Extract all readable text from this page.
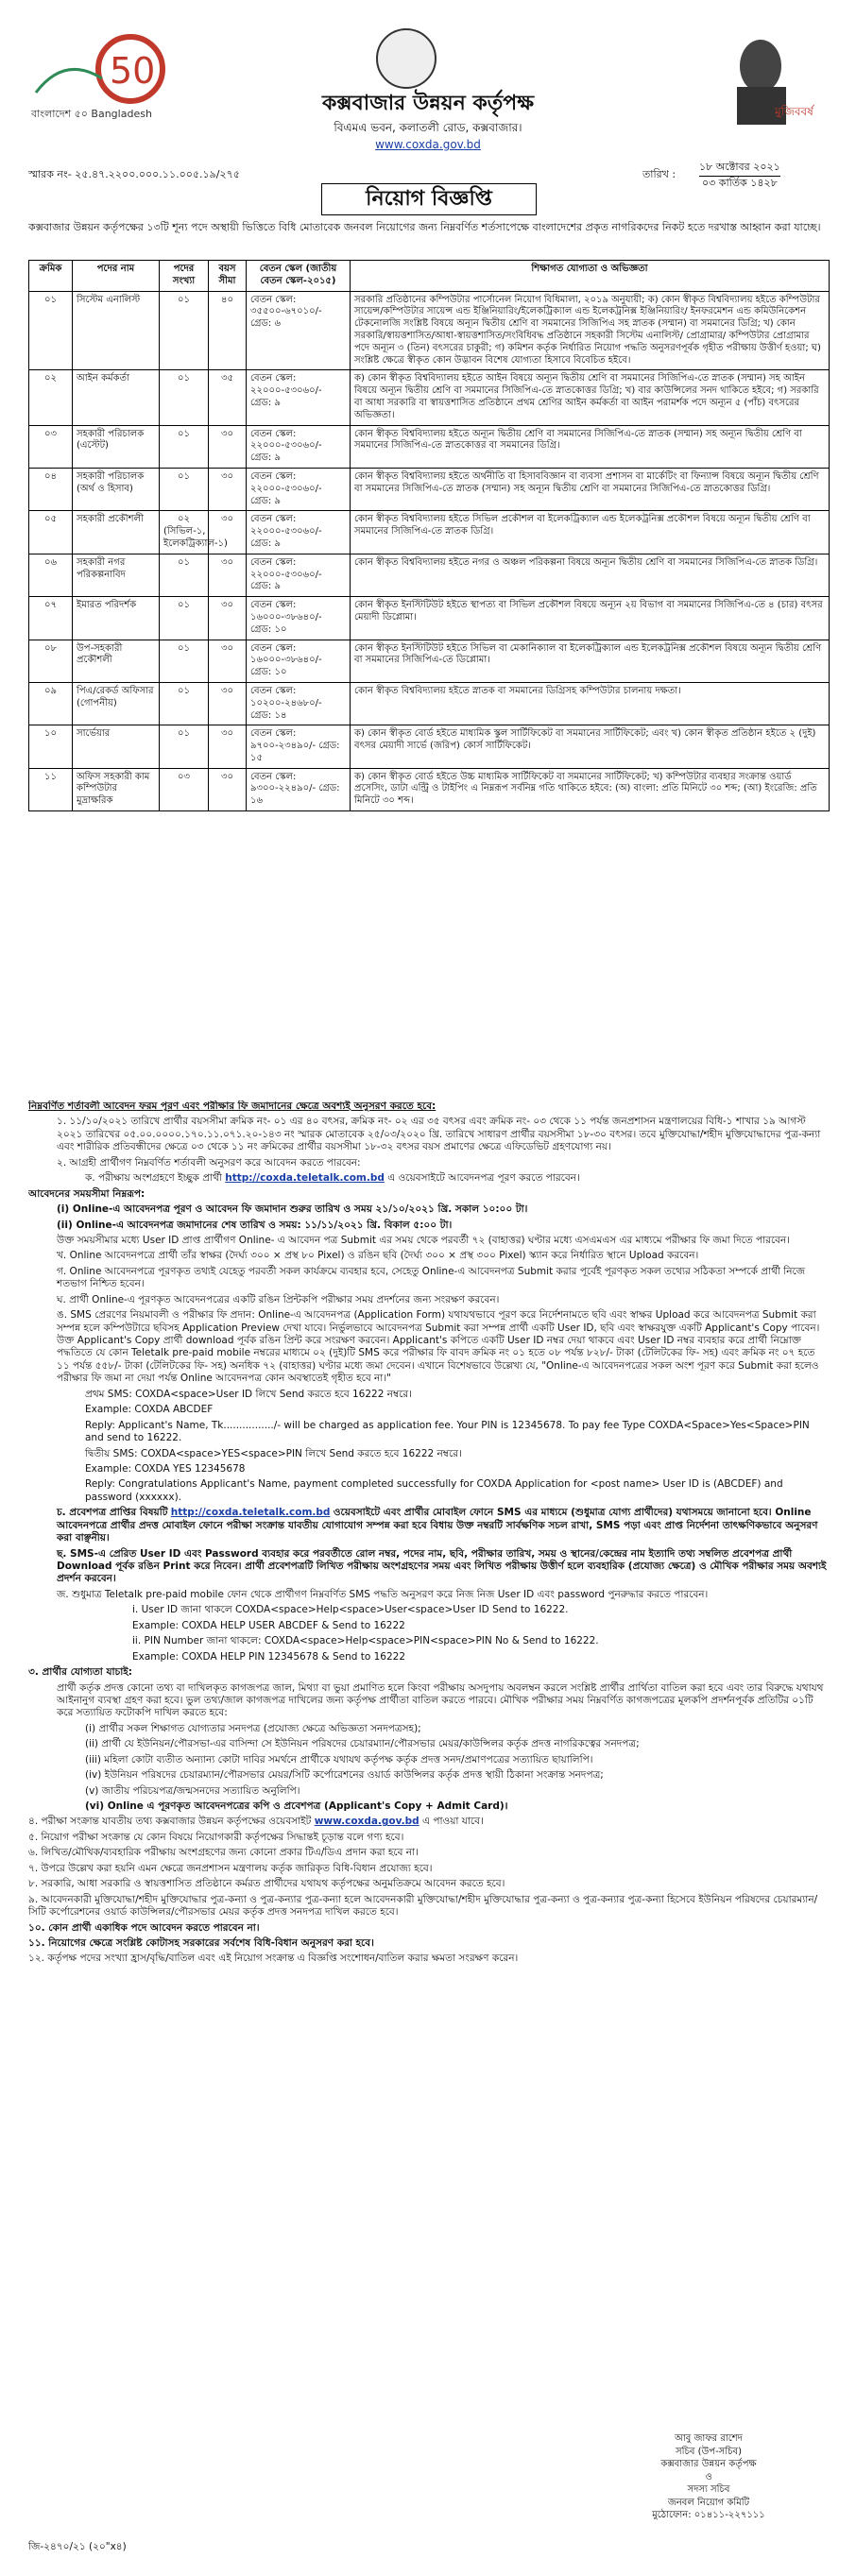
50
বাংলাদেশ ৫০ Bangladesh	মুজিববর্ষ
কক্সবাজার উন্নয়ন কর্তৃপক্ষ
বিএমএ ভবন, কলাতলী রোড, কক্সবাজার।
www.coxda.gov.bd
স্মারক নং- ২৫.৪৭.২২০০.০০০.১১.০০৫.১৯/২৭৫	তারিখ :
১৮ অক্টোবর ২০২১
০৩ কার্তিক ১৪২৮
নিয়োগ বিজ্ঞপ্তি
কক্সবাজার উন্নয়ন কর্তৃপক্ষের ১৩টি শূন্য পদে অস্থায়ী ভিত্তিতে বিধি মোতাবেক জনবল নিয়োগের জন্য নিম্নবর্ণিত শর্তসাপেক্ষে বাংলাদেশের প্রকৃত নাগরিকদের নিকট হতে দরখাস্ত আহ্বান করা যাচ্ছে।
ক্রমিক	পদের নাম	পদের সংখ্যা	বয়স সীমা	বেতন স্কেল (জাতীয় বেতন স্কেল-২০১৫)	শিক্ষাগত যোগ্যতা ও অভিজ্ঞতা
০১	সিস্টেম এনালিস্ট	০১	৪০	বেতন স্কেল: ৩৫৫০০-৬৭০১০/- গ্রেড: ৬	সরকারি প্রতিষ্ঠানের কম্পিউটার পার্সোনেল নিয়োগ বিধিমালা, ২০১৯ অনুযায়ী; ক) কোন স্বীকৃত বিশ্ববিদ্যালয় হইতে কম্পিউটার সায়েন্স/কম্পিউটার সায়েন্স এন্ড ইঞ্জিনিয়ারিং/ইলেকট্রিক্যাল এন্ড ইলেকট্রনিক্স ইঞ্জিনিয়ারিং/ ইনফরমেশন এন্ড কমিউনিকেশন টেকনোলজি সংশ্লিষ্ট বিষয়ে অন্যূন দ্বিতীয় শ্রেণি বা সমমানের সিজিপিএ সহ স্নাতক (সম্মান) বা সমমানের ডিগ্রি; খ) কোন সরকারি/স্বায়ত্তশাসিত/আধা-স্বায়ত্তশাসিত/সংবিধিবদ্ধ প্রতিষ্ঠানে সহকারী সিস্টেম এনালিস্ট/ প্রোগ্রামার/ কম্পিউটার প্রোগ্রামার পদে অন্যূন ৩ (তিন) বৎসরের চাকুরী; গ) কমিশন কর্তৃক নির্ধারিত নিয়োগ পদ্ধতি অনুসরণপূর্বক গৃহীত পরীক্ষায় উত্তীর্ণ হওয়া; ঘ) সংশ্লিষ্ট ক্ষেত্রে স্বীকৃত কোন উদ্ভাবন বিশেষ যোগ্যতা হিসাবে বিবেচিত হইবে।
০২	আইন কর্মকর্তা	০১	৩৫	বেতন স্কেল: ২২০০০-৫৩০৬০/- গ্রেড: ৯	ক) কোন স্বীকৃত বিশ্ববিদ্যালয় হইতে আইন বিষয়ে অন্যূন দ্বিতীয় শ্রেণি বা সমমানের সিজিপিএ-তে স্নাতক (সম্মান) সহ আইন বিষয়ে অন্যূন দ্বিতীয় শ্রেণি বা সমমানের সিজিপিএ-তে স্নাতকোত্তর ডিগ্রি; খ) বার কাউন্সিলের সনদ থাকিতে হইবে; গ) সরকারি বা আধা সরকারি বা স্বায়ত্তশাসিত প্রতিষ্ঠানে প্রথম শ্রেণির আইন কর্মকর্তা বা আইন পরামর্শক পদে অন্যূন ৫ (পাঁচ) বৎসরের অভিজ্ঞতা।
০৩	সহকারী পরিচালক (এস্টেট)	০১	৩০	বেতন স্কেল: ২২০০০-৫৩০৬০/- গ্রেড: ৯	কোন স্বীকৃত বিশ্ববিদ্যালয় হইতে অন্যূন দ্বিতীয় শ্রেণি বা সমমানের সিজিপিএ-তে স্নাতক (সম্মান) সহ অন্যূন দ্বিতীয় শ্রেণি বা সমমানের সিজিপিএ-তে স্নাতকোত্তর বা সমমানের ডিগ্রি।
০৪	সহকারী পরিচালক (অর্থ ও হিসাব)	০১	৩০	বেতন স্কেল: ২২০০০-৫৩০৬০/- গ্রেড: ৯	কোন স্বীকৃত বিশ্ববিদ্যালয় হইতে অর্থনীতি বা হিসাববিজ্ঞান বা ব্যবসা প্রশাসন বা মার্কেটিং বা ফিন্যান্স বিষয়ে অন্যূন দ্বিতীয় শ্রেণি বা সমমানের সিজিপিএ-তে স্নাতক (সম্মান) সহ অন্যূন দ্বিতীয় শ্রেণি বা সমমানের সিজিপিএ-তে স্নাতকোত্তর ডিগ্রি।
০৫	সহকারী প্রকৌশলী	০২ (সিভিল-১, ইলেকট্রিক্যাল-১)	৩০	বেতন স্কেল: ২২০০০-৫৩০৬০/- গ্রেড: ৯	কোন স্বীকৃত বিশ্ববিদ্যালয় হইতে সিভিল প্রকৌশল বা ইলেকট্রিক্যাল এন্ড ইলেকট্রনিক্স প্রকৌশল বিষয়ে অন্যূন দ্বিতীয় শ্রেণি বা সমমানের সিজিপিএ-তে স্নাতক ডিগ্রি।
০৬	সহকারী নগর পরিকল্পনাবিদ	০১	৩০	বেতন স্কেল: ২২০০০-৫৩০৬০/- গ্রেড: ৯	কোন স্বীকৃত বিশ্ববিদ্যালয় হইতে নগর ও অঞ্চল পরিকল্পনা বিষয়ে অন্যূন দ্বিতীয় শ্রেণি বা সমমানের সিজিপিএ-তে স্নাতক ডিগ্রি।
০৭	ইমারত পরিদর্শক	০১	৩০	বেতন স্কেল: ১৬০০০-৩৮৬৪০/- গ্রেড: ১০	কোন স্বীকৃত ইনস্টিটিউট হইতে স্থাপত্য বা সিভিল প্রকৌশল বিষয়ে অন্যূন ২য় বিভাগ বা সমমানের সিজিপিএ-তে ৪ (চার) বৎসর মেয়াদী ডিপ্লোমা।
০৮	উপ-সহকারী প্রকৌশলী	০১	৩০	বেতন স্কেল: ১৬০০০-৩৮৬৪০/- গ্রেড: ১০	কোন স্বীকৃত ইনস্টিটিউট হইতে সিভিল বা মেকানিক্যাল বা ইলেকট্রিক্যাল এন্ড ইলেকট্রনিক্স প্রকৌশল বিষয়ে অন্যূন দ্বিতীয় শ্রেণি বা সমমানের সিজিপিএ-তে ডিপ্লোমা।
০৯	পিএ/রেকর্ড অফিসার (গোপনীয়)	০১	৩০	বেতন স্কেল: ১০২০০-২৪৬৮০/- গ্রেড: ১৪	কোন স্বীকৃত বিশ্ববিদ্যালয় হইতে স্নাতক বা সমমানের ডিগ্রিসহ কম্পিউটার চালনায় দক্ষতা।
১০	সার্ভেয়ার	০১	৩০	বেতন স্কেল: ৯৭০০-২৩৪৯০/- গ্রেড: ১৫	ক) কোন স্বীকৃত বোর্ড হইতে মাধ্যমিক স্কুল সার্টিফিকেট বা সমমানের সার্টিফিকেট; এবং খ) কোন স্বীকৃত প্রতিষ্ঠান হইতে ২ (দুই) বৎসর মেয়াদী সার্ভে (জরিপ) কোর্স সার্টিফিকেট।
১১	অফিস সহকারী কাম কম্পিউটার মুদ্রাক্ষরিক	০৩	৩০	বেতন স্কেল: ৯৩০০-২২৪৯০/- গ্রেড: ১৬	ক) কোন স্বীকৃত বোর্ড হইতে উচ্চ মাধ্যমিক সার্টিফিকেট বা সমমানের সার্টিফিকেট; খ) কম্পিউটার ব্যবহার সংক্রান্ত ওয়ার্ড প্রসেসিং, ডাটা এন্ট্রি ও টাইপিং এ নিম্নরূপ সর্বনিম্ন গতি থাকিতে হইবে: (অ) বাংলা: প্রতি মিনিটে ৩০ শব্দ; (আ) ইংরেজি: প্রতি মিনিটে ৩০ শব্দ।

নিম্নবর্ণিত শর্তাবলী আবেদন ফরম পূরণ এবং পরীক্ষার ফি জমাদানের ক্ষেত্রে অবশ্যই অনুসরণ করতে হবে:

১. ১১/১০/২০২১ তারিখে প্রার্থীর বয়সসীমা ক্রমিক নং- ০১ এর ৪০ বৎসর, ক্রমিক নং- ০২ এর ৩৫ বৎসর এবং ক্রমিক নং- ০৩ থেকে ১১ পর্যন্ত জনপ্রশাসন মন্ত্রণালয়ের বিধি-১ শাখার ১৯ আগস্ট ২০২১ তারিখের ০৫.০০.০০০০.১৭০.১১.০৭১.২০-১৪৩ নং স্মারক মোতাবেক ২৫/০৩/২০২০ খ্রি. তারিখে সাধারণ প্রার্থীর বয়সসীমা ১৮-৩০ বৎসর। তবে মুক্তিযোদ্ধা/শহীদ মুক্তিযোদ্ধাদের পুত্র-কন্যা এবং শারীরিক প্রতিবন্ধীদের ক্ষেত্রে ০৩ থেকে ১১ নং ক্রমিকের প্রার্থীর বয়সসীমা ১৮-৩২ বৎসর বয়স প্রমাণের ক্ষেত্রে এফিডেভিট গ্রহণযোগ্য নয়।

২. আগ্রহী প্রার্থীগণ নিম্নবর্ণিত শর্তাবলী অনুসরণ করে আবেদন করতে পারবেন:

ক. পরীক্ষায় অংশগ্রহণে ইচ্ছুক প্রার্থী http://coxda.teletalk.com.bd এ ওয়েবসাইটে আবেদনপত্র পূরণ করতে পারবেন।

আবেদনের সময়সীমা নিম্নরূপ:

(i) Online-এ আবেদনপত্র পূরণ ও আবেদন ফি জমাদান শুরুর তারিখ ও সময় ২১/১০/২০২১ খ্রি. সকাল ১০:০০ টা।

(ii) Online-এ আবেদনপত্র জমাদানের শেষ তারিখ ও সময়: ১১/১১/২০২১ খ্রি. বিকাল ৫:০০ টা।

উক্ত সময়সীমার মধ্যে User ID প্রাপ্ত প্রার্থীগণ Online- এ আবেদন পত্র Submit এর সময় থেকে পরবর্তী ৭২ (বাহাত্তর) ঘণ্টার মধ্যে এসএমএস এর মাধ্যমে পরীক্ষার ফি জমা দিতে পারবেন।

খ. Online আবেদনপত্রে প্রার্থী তাঁর স্বাক্ষর (দৈর্ঘ্য ৩০০ × প্রস্থ ৮০ Pixel) ও রঙিন ছবি (দৈর্ঘ্য ৩০০ × প্রস্থ ৩০০ Pixel) স্ক্যান করে নির্ধারিত স্থানে Upload করবেন।

গ. Online আবেদনপত্রে পূরণকৃত তথ্যই যেহেতু পরবর্তী সকল কার্যক্রমে ব্যবহার হবে, সেহেতু Online-এ আবেদনপত্র Submit করার পূর্বেই পূরণকৃত সকল তথ্যের সঠিকতা সম্পর্কে প্রার্থী নিজে শতভাগ নিশ্চিত হবেন।

ঘ. প্রার্থী Online-এ পূরণকৃত আবেদনপত্রের একটি রঙিন প্রিন্টকপি পরীক্ষার সময় প্রদর্শনের জন্য সংরক্ষণ করবেন।

ঙ. SMS প্রেরণের নিয়মাবলী ও পরীক্ষার ফি প্রদান: Online-এ আবেদনপত্র (Application Form) যথাযথভাবে পূরণ করে নির্দেশনামতে ছবি এবং স্বাক্ষর Upload করে আবেদনপত্র Submit করা সম্পন্ন হলে কম্পিউটারে ছবিসহ Application Preview দেখা যাবে। নির্ভুলভাবে আবেদনপত্র Submit করা সম্পন্ন প্রার্থী একটি User ID, ছবি এবং স্বাক্ষরযুক্ত একটি Applicant's Copy পাবেন। উক্ত Applicant's Copy প্রার্থী download পূর্বক রঙিন প্রিন্ট করে সংরক্ষণ করবেন। Applicant's কপিতে একটি User ID নম্বর দেয়া থাকবে এবং User ID নম্বর ব্যবহার করে প্রার্থী নিম্নোক্ত পদ্ধতিতে যে কোন Teletalk pre-paid mobile নম্বরের মাধ্যমে ০২ (দুই)টি SMS করে পরীক্ষার ফি বাবদ ক্রমিক নং ০১ হতে ০৮ পর্যন্ত ৮২৮/- টাকা (টেলিটকের ফি- সহ) এবং ক্রমিক নং ০৭ হতে ১১ পর্যন্ত ৫৫৮/- টাকা (টেলিটকের ফি- সহ) অনধিক ৭২ (বাহাত্তর) ঘণ্টার মধ্যে জমা দেবেন। এখানে বিশেষভাবে উল্লেখ্য যে, "Online-এ আবেদনপত্রের সকল অংশ পূরণ করে Submit করা হলেও পরীক্ষার ফি জমা না দেয়া পর্যন্ত Online আবেদনপত্র কোন অবস্থাতেই গৃহীত হবে না।"

প্রথম SMS: COXDA<space>User ID লিখে Send করতে হবে 16222 নম্বরে।

Example: COXDA ABCDEF

Reply: Applicant's Name, Tk................/- will be charged as application fee. Your PIN is 12345678. To pay fee Type COXDA<Space>Yes<Space>PIN and send to 16222.

দ্বিতীয় SMS: COXDA<space>YES<space>PIN লিখে Send করতে হবে 16222 নম্বরে।

Example: COXDA YES 12345678

Reply: Congratulations Applicant's Name, payment completed successfully for COXDA Application for <post name> User ID is (ABCDEF) and password (xxxxxx).

চ. প্রবেশপত্র প্রাপ্তির বিষয়টি http://coxda.teletalk.com.bd ওয়েবসাইটে এবং প্রার্থীর মোবাইল ফোনে SMS এর মাধ্যমে (শুধুমাত্র যোগ্য প্রার্থীদের) যথাসময়ে জানানো হবে। Online আবেদনপত্রে প্রার্থীর প্রদত্ত মোবাইল ফোনে পরীক্ষা সংক্রান্ত যাবতীয় যোগাযোগ সম্পন্ন করা হবে বিধায় উক্ত নম্বরটি সার্বক্ষণিক সচল রাখা, SMS পড়া এবং প্রাপ্ত নির্দেশনা তাৎক্ষণিকভাবে অনুসরণ করা বাঞ্ছনীয়।

ছ. SMS-এ প্রেরিত User ID এবং Password ব্যবহার করে পরবর্তীতে রোল নম্বর, পদের নাম, ছবি, পরীক্ষার তারিখ, সময় ও স্থানের/কেন্দ্রের নাম ইত্যাদি তথ্য সম্বলিত প্রবেশপত্র প্রার্থী Download পূর্বক রঙিন Print করে নিবেন। প্রার্থী প্রবেশপত্রটি লিখিত পরীক্ষায় অংশগ্রহণের সময় এবং লিখিত পরীক্ষায় উত্তীর্ণ হলে ব্যবহারিক (প্রযোজ্য ক্ষেত্রে) ও মৌখিক পরীক্ষার সময় অবশ্যই প্রদর্শন করবেন।

জ. শুধুমাত্র Teletalk pre-paid mobile ফোন থেকে প্রার্থীগণ নিম্নবর্ণিত SMS পদ্ধতি অনুসরণ করে নিজ নিজ User ID এবং password পুনরুদ্ধার করতে পারবেন।

i. User ID জানা থাকলে COXDA<space>Help<space>User<space>User ID Send to 16222.

Example: COXDA HELP USER ABCDEF & Send to 16222

ii. PIN Number জানা থাকলে: COXDA<space>Help<space>PIN<space>PIN No & Send to 16222.

Example: COXDA HELP PIN 12345678 & Send to 16222

৩. প্রার্থীর যোগ্যতা যাচাই:

প্রার্থী কর্তৃক প্রদত্ত কোনো তথ্য বা দাখিলকৃত কাগজপত্র জাল, মিথ্যা বা ভুয়া প্রমাণিত হলে কিংবা পরীক্ষায় অসদুপায় অবলম্বন করলে সংশ্লিষ্ট প্রার্থীর প্রার্থিতা বাতিল করা হবে এবং তার বিরুদ্ধে যথাযথ আইনানুগ ব্যবস্থা গ্রহণ করা হবে। ভুল তথ্য/জাল কাগজপত্র দাখিলের জন্য কর্তৃপক্ষ প্রার্থীতা বাতিল করতে পারবে। মৌখিক পরীক্ষার সময় নিম্নবর্ণিত কাগজপত্রের মূলকপি প্রদর্শনপূর্বক প্রতিটির ০১টি করে সত্যায়িত ফটোকপি দাখিল করতে হবে:

(i) প্রার্থীর সকল শিক্ষাগত যোগ্যতার সনদপত্র (প্রযোজ্য ক্ষেত্রে অভিজ্ঞতা সনদপত্রসহ);

(ii) প্রার্থী যে ইউনিয়ন/পৌরসভা-এর বাসিন্দা সে ইউনিয়ন পরিষদের চেয়ারম্যান/পৌরসভার মেয়র/কাউন্সিলর কর্তৃক প্রদত্ত নাগরিকত্বের সনদপত্র;

(iii) মহিলা কোটা ব্যতীত অন্যান্য কোটা দাবির সমর্থনে প্রার্থীকে যথাযথ কর্তৃপক্ষ কর্তৃক প্রদত্ত সনদ/প্রমাণপত্রের সত্যায়িত ছায়ালিপি।

(iv) ইউনিয়ন পরিষদের চেয়ারম্যান/পৌরসভার মেয়র/সিটি কর্পোরেশনের ওয়ার্ড কাউন্সিলর কর্তৃক প্রদত্ত স্থায়ী ঠিকানা সংক্রান্ত সনদপত্র;

(v) জাতীয় পরিচয়পত্র/জন্মসনদের সত্যায়িত অনুলিপি।

(vi) Online এ পূরণকৃত আবেদনপত্রের কপি ও প্রবেশপত্র (Applicant's Copy + Admit Card)।

৪. পরীক্ষা সংক্রান্ত যাবতীয় তথ্য কক্সবাজার উন্নয়ন কর্তৃপক্ষের ওয়েবসাইট www.coxda.gov.bd এ পাওয়া যাবে।

৫. নিয়োগ পরীক্ষা সংক্রান্ত যে কোন বিষয়ে নিয়োগকারী কর্তৃপক্ষের সিদ্ধান্তই চূড়ান্ত বলে গণ্য হবে।

৬. লিখিত/মৌখিক/ব্যবহারিক পরীক্ষায় অংশগ্রহণের জন্য কোনো প্রকার টিএ/ডিএ প্রদান করা হবে না।

৭. উপরে উল্লেখ করা হয়নি এমন ক্ষেত্রে জনপ্রশাসন মন্ত্রণালয় কর্তৃক জারিকৃত বিধি-বিধান প্রযোজ্য হবে।

৮. সরকারি, আধা সরকারি ও স্বায়ত্তশাসিত প্রতিষ্ঠানে কর্মরত প্রার্থীদের যথাযথ কর্তৃপক্ষের অনুমতিক্রমে আবেদন করতে হবে।

৯. আবেদনকারী মুক্তিযোদ্ধা/শহীদ মুক্তিযোদ্ধার পুত্র-কন্যা ও পুত্র-কন্যার পুত্র-কন্যা হলে আবেদনকারী মুক্তিযোদ্ধা/শহীদ মুক্তিযোদ্ধার পুত্র-কন্যা ও পুত্র-কন্যার পুত্র-কন্যা হিসেবে ইউনিয়ন পরিষদের চেয়ারম্যান/সিটি কর্পোরেশনের ওয়ার্ড কাউন্সিলর/পৌরসভার মেয়র কর্তৃক প্রদত্ত সনদপত্র দাখিল করতে হবে।

১০. কোন প্রার্থী একাধিক পদে আবেদন করতে পারবেন না।

১১. নিয়োগের ক্ষেত্রে সংশ্লিষ্ট কোটাসহ সরকারের সর্বশেষ বিধি-বিধান অনুসরণ করা হবে।

১২. কর্তৃপক্ষ পদের সংখ্যা হ্রাস/বৃদ্ধি/বাতিল এবং এই নিয়োগ সংক্রান্ত এ বিজ্ঞপ্তি সংশোধন/বাতিল করার ক্ষমতা সংরক্ষণ করেন।

আবু জাফর রাশেদ
সচিব (উপ-সচিব)
কক্সবাজার উন্নয়ন কর্তৃপক্ষ
ও
সদস্য সচিব
জনবল নিয়োগ কমিটি
মুঠোফোন: ০১৪১১-২২৭১১১
জি-২৪৭০/২১ (২০"x৪)
